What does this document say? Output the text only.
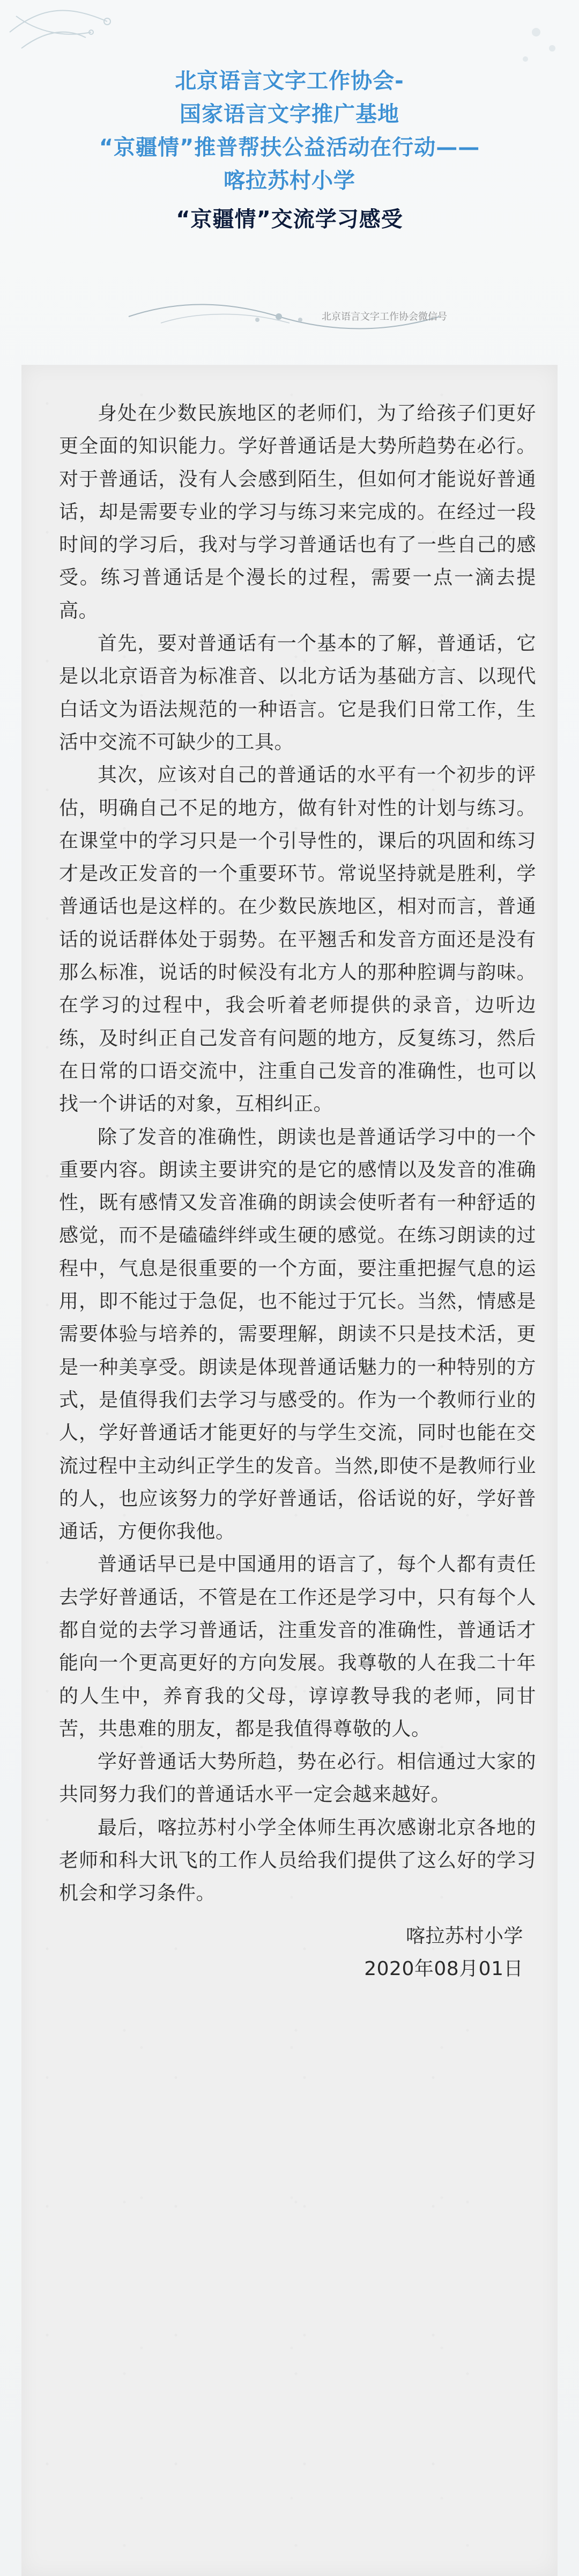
北京语言文字工作协会-
国家语言文字推广基地
“京疆情”推普帮扶公益活动在行动——
喀拉苏村小学
“京疆情”交流学习感受
北京语言文字工作协会微信号

身处在少数民族地区的老师们，为了给孩子们更好更全面的知识能力。学好普通话是大势所趋势在必行。对于普通话，没有人会感到陌生，但如何才能说好普通话，却是需要专业的学习与练习来完成的。在经过一段时间的学习后，我对与学习普通话也有了一些自己的感受。练习普通话是个漫长的过程，需要一点一滴去提高。

首先，要对普通话有一个基本的了解，普通话，它是以北京语音为标准音、以北方话为基础方言、以现代白话文为语法规范的一种语言。它是我们日常工作，生活中交流不可缺少的工具。

其次，应该对自己的普通话的水平有一个初步的评估，明确自己不足的地方，做有针对性的计划与练习。在课堂中的学习只是一个引导性的，课后的巩固和练习才是改正发音的一个重要环节。常说坚持就是胜利，学普通话也是这样的。在少数民族地区，相对而言，普通话的说话群体处于弱势。在平翘舌和发音方面还是没有那么标准，说话的时候没有北方人的那种腔调与韵味。在学习的过程中，我会听着老师提供的录音，边听边练，及时纠正自己发音有问题的地方，反复练习，然后在日常的口语交流中，注重自己发音的准确性，也可以找一个讲话的对象，互相纠正。

除了发音的准确性，朗读也是普通话学习中的一个重要内容。朗读主要讲究的是它的感情以及发音的准确性，既有感情又发音准确的朗读会使听者有一种舒适的感觉，而不是磕磕绊绊或生硬的感觉。在练习朗读的过程中，气息是很重要的一个方面，要注重把握气息的运用，即不能过于急促，也不能过于冗长。当然，情感是需要体验与培养的，需要理解，朗读不只是技术活，更是一种美享受。朗读是体现普通话魅力的一种特别的方式，是值得我们去学习与感受的。作为一个教师行业的人，学好普通话才能更好的与学生交流，同时也能在交流过程中主动纠正学生的发音。当然,即使不是教师行业的人，也应该努力的学好普通话，俗话说的好，学好普通话，方便你我他。

普通话早已是中国通用的语言了，每个人都有责任去学好普通话，不管是在工作还是学习中，只有每个人都自觉的去学习普通话，注重发音的准确性，普通话才能向一个更高更好的方向发展。我尊敬的人在我二十年的人生中，养育我的父母，谆谆教导我的老师，同甘苦，共患难的朋友，都是我值得尊敬的人。

学好普通话大势所趋，势在必行。相信通过大家的共同努力我们的普通话水平一定会越来越好。

最后，喀拉苏村小学全体师生再次感谢北京各地的老师和科大讯飞的工作人员给我们提供了这么好的学习机会和学习条件。

喀拉苏村小学
2020年08月01日
